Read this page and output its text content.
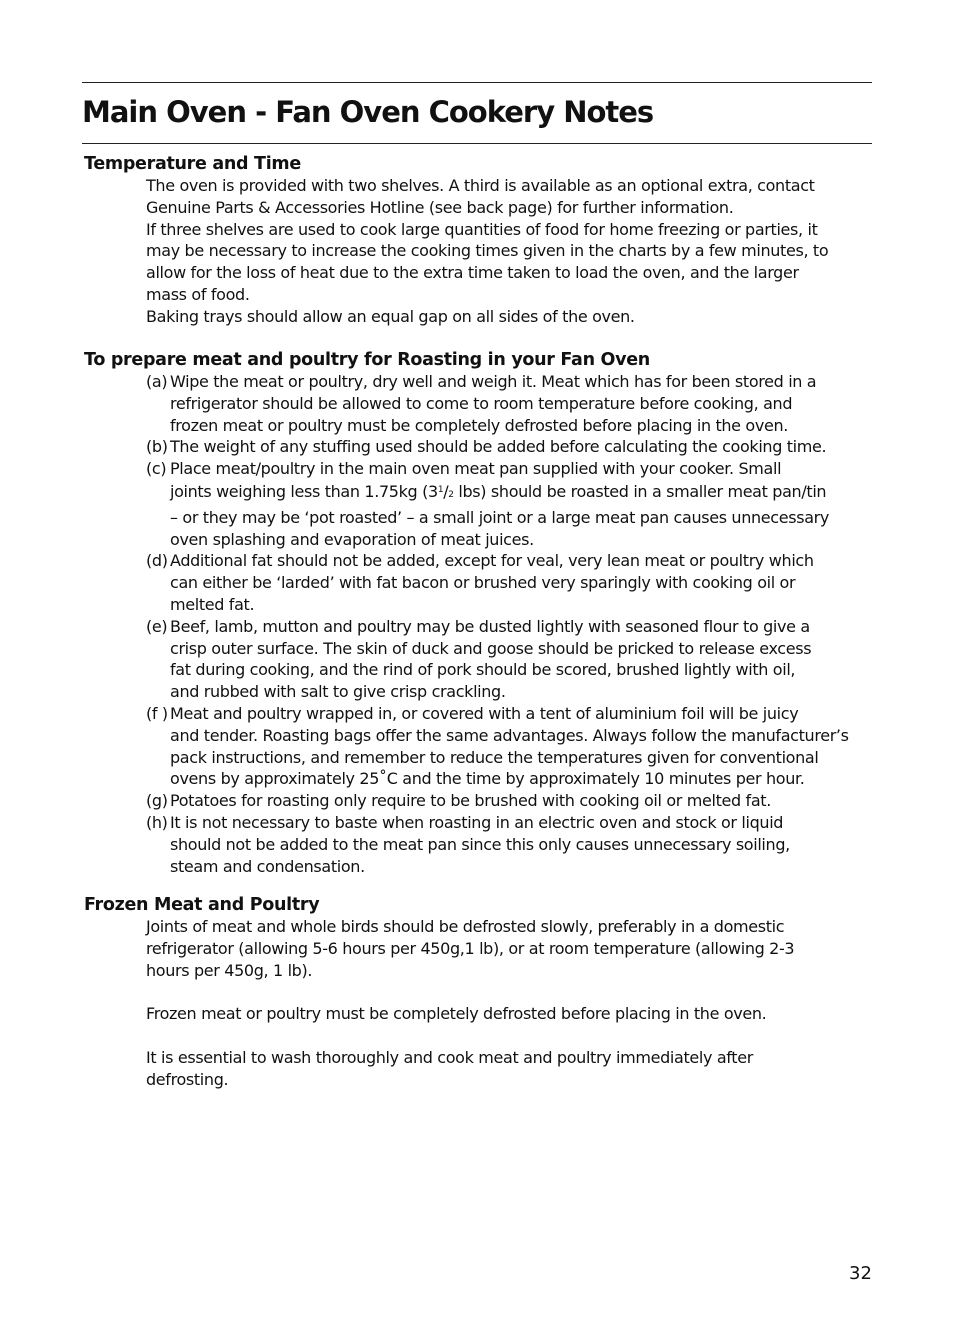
Main Oven - Fan Oven Cookery Notes
Temperature and Time
The oven is provided with two shelves. A third is available as an optional extra, contact
Genuine Parts & Accessories Hotline (see back page) for further information.
If three shelves are used to cook large quantities of food for home freezing or parties, it
may be necessary to increase the cooking times given in the charts by a few minutes, to
allow for the loss of heat due to the extra time taken to load the oven, and the larger
mass of food.
Baking trays should allow an equal gap on all sides of the oven.
To prepare meat and poultry for Roasting in your Fan Oven
(a) Wipe the meat or poultry, dry well and weigh it. Meat which has for been stored in a
refrigerator should be allowed to come to room temperature before cooking, and
frozen meat or poultry must be completely defrosted before placing in the oven.
(b) The weight of any stuffing used should be added before calculating the cooking time.
(c) Place meat/poultry in the main oven meat pan supplied with your cooker. Small
joints weighing less than 1.75kg ($3^1/2$ lbs) should be roasted in a smaller meat pan/tin
– or they may be ‘pot roasted’ – a small joint or a large meat pan causes unnecessary
oven splashing and evaporation of meat juices.
(d) Additional fat should not be added, except for veal, very lean meat or poultry which
can either be ‘larded’ with fat bacon or brushed very sparingly with cooking oil or
melted fat.
(e) Beef, lamb, mutton and poultry may be dusted lightly with seasoned flour to give a
crisp outer surface. The skin of duck and goose should be pricked to release excess
fat during cooking, and the rind of pork should be scored, brushed lightly with oil,
and rubbed with salt to give crisp crackling.
(f ) Meat and poultry wrapped in, or covered with a tent of aluminium foil will be juicy
and tender. Roasting bags offer the same advantages. Always follow the manufacturer’s
pack instructions, and remember to reduce the temperatures given for conventional
ovens by approximately 25˚C and the time by approximately 10 minutes per hour.
(g) Potatoes for roasting only require to be brushed with cooking oil or melted fat.
(h) It is not necessary to baste when roasting in an electric oven and stock or liquid
should not be added to the meat pan since this only causes unnecessary soiling,
steam and condensation.
Frozen Meat and Poultry
Joints of meat and whole birds should be defrosted slowly, preferably in a domestic
refrigerator (allowing 5-6 hours per 450g,1 lb), or at room temperature (allowing 2-3
hours per 450g, 1 lb).
Frozen meat or poultry must be completely defrosted before placing in the oven.
It is essential to wash thoroughly and cook meat and poultry immediately after
defrosting.
32
